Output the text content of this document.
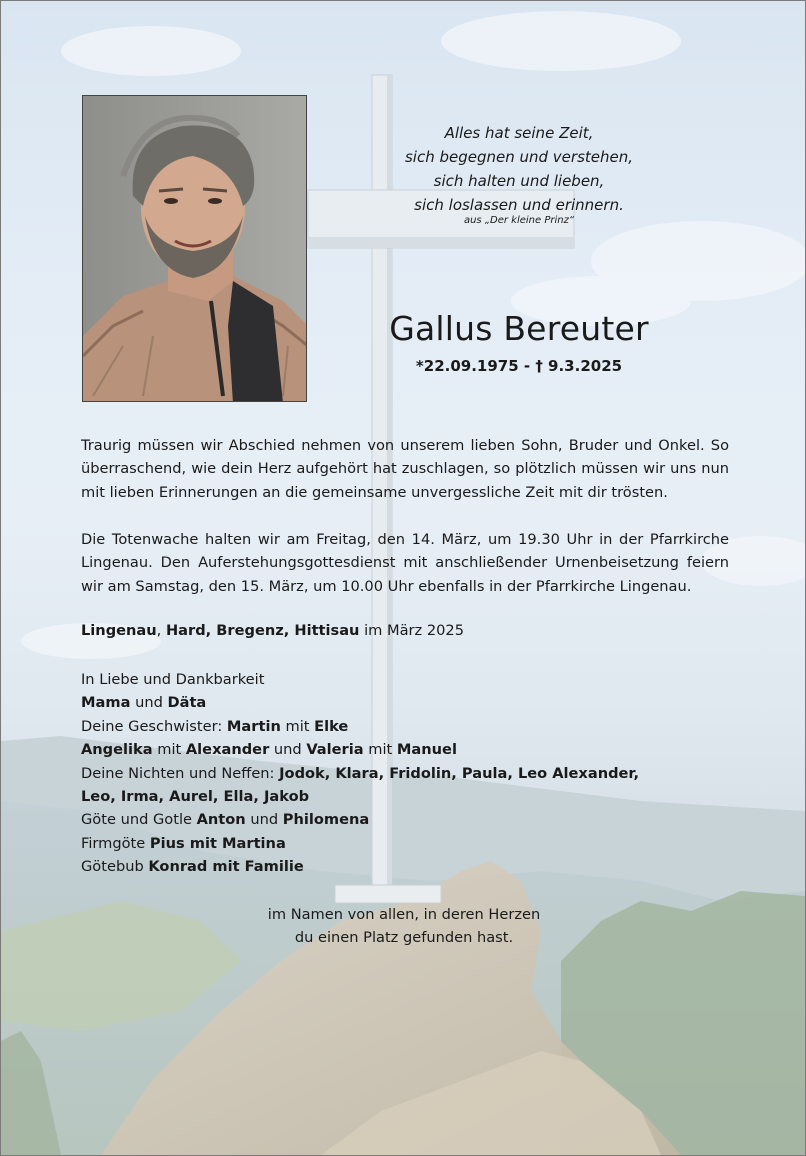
Alles hat seine Zeit,
sich begegnen und verstehen,
sich halten und lieben,
sich loslassen und erinnern.
aus „Der kleine Prinz“
Gallus Bereuter
*22.09.1975 - † 9.3.2025
Traurig müssen wir Abschied nehmen von unserem lieben Sohn, Bruder und Onkel. So überraschend, wie dein Herz aufgehört hat zuschlagen, so plötzlich müssen wir uns nun mit lieben Erinnerungen an die gemeinsame unvergessliche Zeit mit dir trösten.
Die Totenwache halten wir am Freitag, den 14. März, um 19.30 Uhr in der Pfarrkirche Lingenau. Den Auferstehungsgottesdienst mit anschließender Urnenbeisetzung feiern wir am Samstag, den 15. März, um 10.00 Uhr ebenfalls in der Pfarrkirche Lingenau.
Lingenau, Hard, Bregenz, Hittisau im März 2025
In Liebe und Dankbarkeit
Mama und Däta
Deine Geschwister: Martin mit Elke
Angelika mit Alexander und Valeria mit Manuel
Deine Nichten und Neffen: Jodok, Klara, Fridolin, Paula, Leo Alexander,
Leo, Irma, Aurel, Ella, Jakob
Göte und Gotle Anton und Philomena
Firmgöte Pius mit Martina
Götebub Konrad mit Familie
im Namen von allen, in deren Herzen
du einen Platz gefunden hast.
